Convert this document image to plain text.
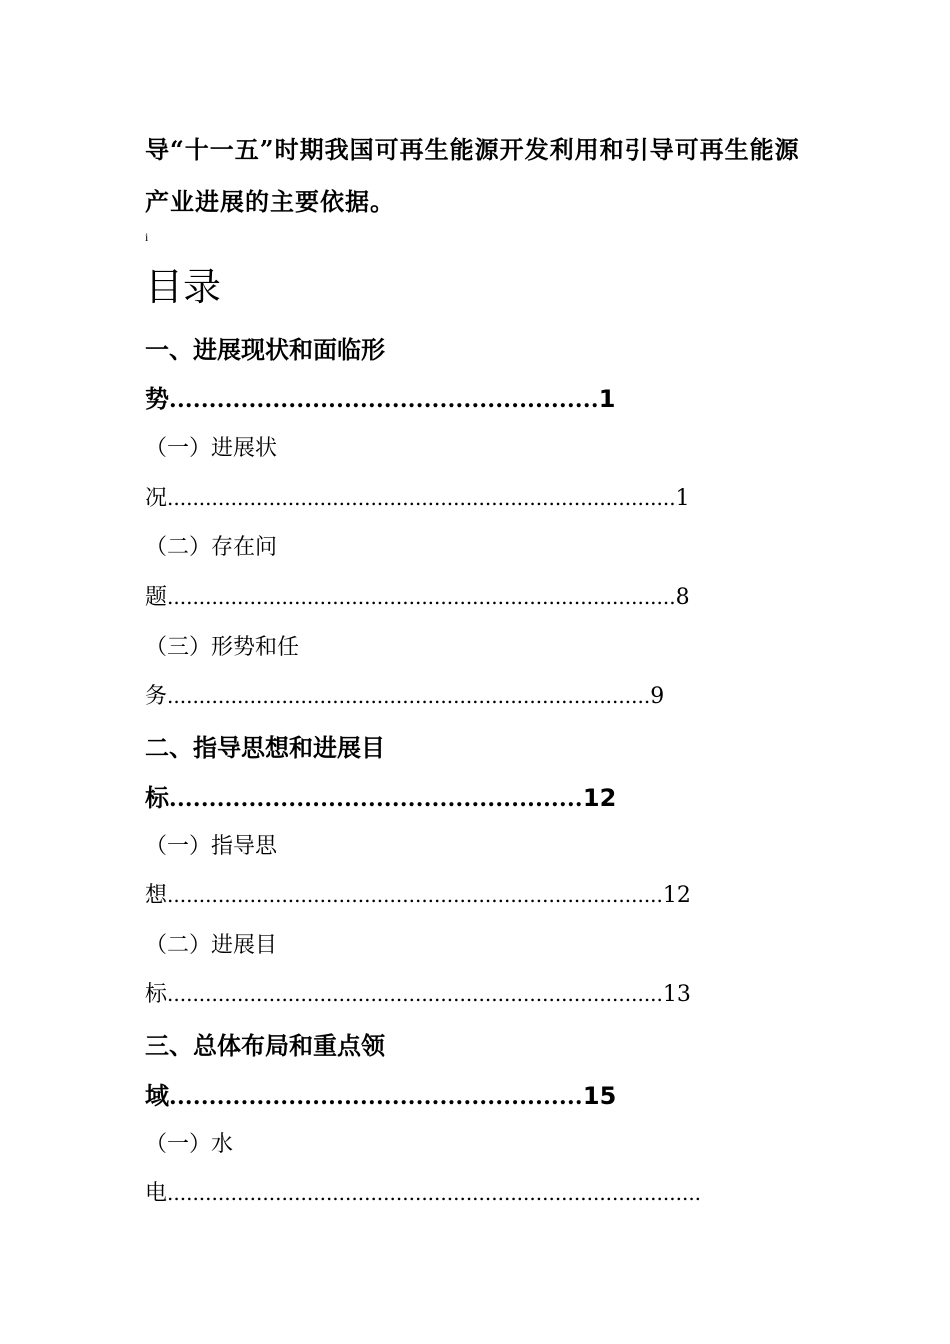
导“十一五”时期我国可再生能源开发利用和引导可再生能源
产业进展的主要依据。
i
目录
一、进展现状和面临形
势......................................................1
（一）进展状
况................................................................................1
（二）存在问
题................................................................................8
（三）形势和任
务............................................................................9
二、指导思想和进展目
标....................................................12
（一）指导思
想..............................................................................12
（二）进展目
标..............................................................................13
三、总体布局和重点领
域....................................................15
（一）水
电....................................................................................
